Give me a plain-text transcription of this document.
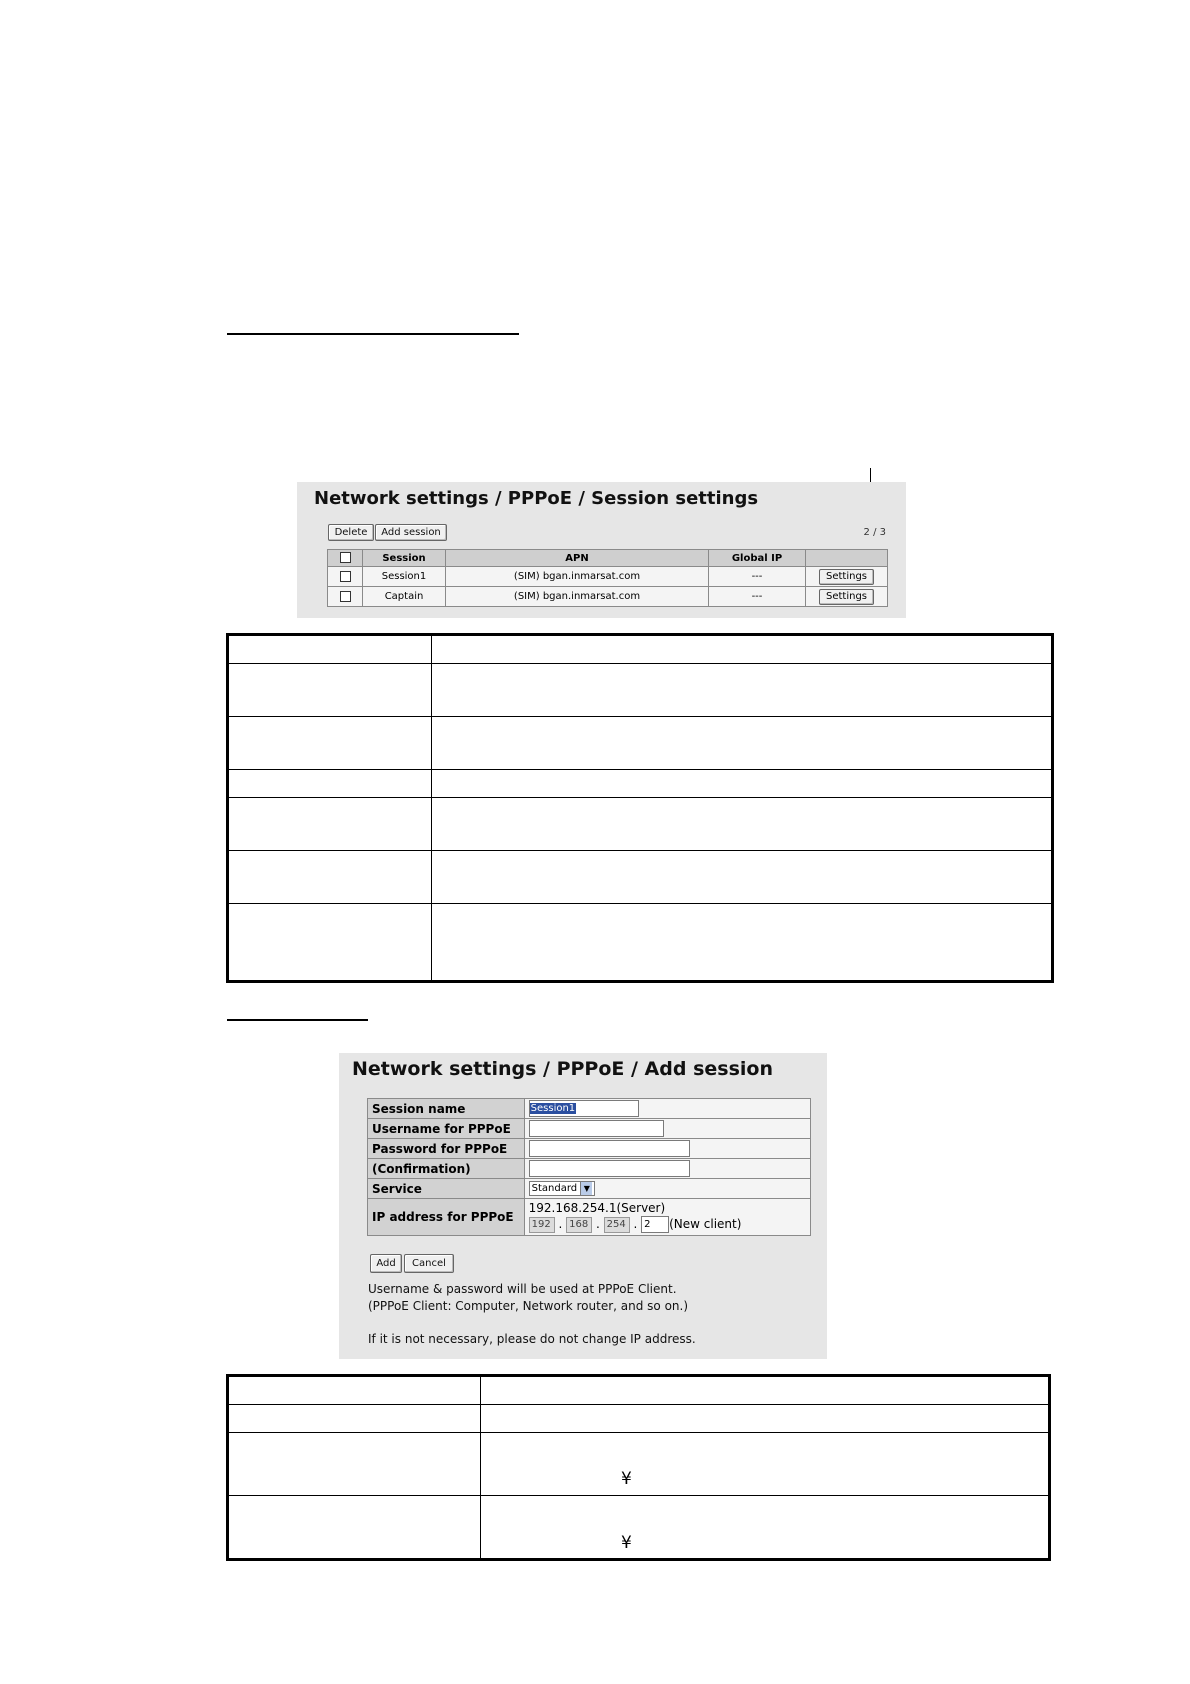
Network settings / PPPoE / Session settings
Delete	Add session	2 / 3
	Session	APN	Global IP	
	Session1	(SIM) bgan.inmarsat.com	---	Settings
	Captain	(SIM) bgan.inmarsat.com	---	Settings

Network settings / PPPoE / Add session
Session name	Session1
Username for PPPoE	
Password for PPPoE	
(Confirmation)	
Service	Standard ▼
IP address for PPPoE	192.168.254.1(Server)
192 . 168 . 254 . 2 (New client)
Add	Cancel
Username & password will be used at PPPoE Client.
(PPPoE Client: Computer, Network router, and so on.)
If it is not necessary, please do not change IP address.

¥
¥
